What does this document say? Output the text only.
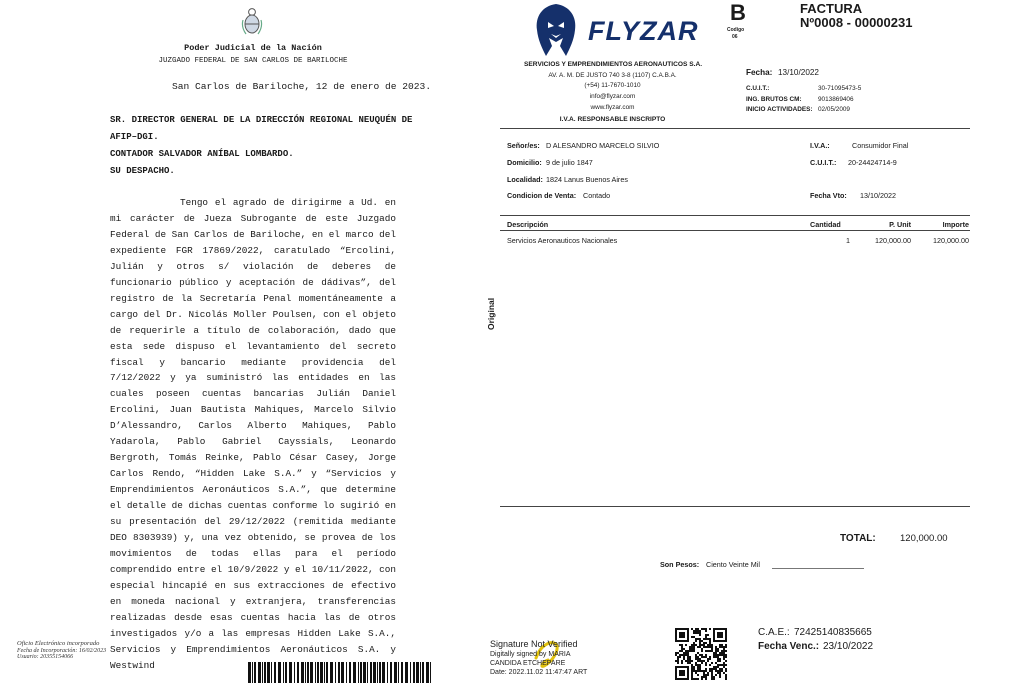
Poder Judicial de la Nación
JUZGADO FEDERAL DE SAN CARLOS DE BARILOCHE
San Carlos de Bariloche, 12 de enero de 2023.
SR. DIRECTOR GENERAL DE LA DIRECCIÓN REGIONAL NEUQUÉN DE
AFIP–DGI.
CONTADOR SALVADOR ANÍBAL LOMBARDO.
SU DESPACHO.

Tengo el agrado de dirigirme a Ud. en mi carácter de Jueza Subrogante de este Juzgado Federal de San Carlos de Bariloche, en el marco del expediente FGR 17869/2022, caratulado “Ercolini, Julián y otros s/ violación de deberes de funcionario público y aceptación de dádivas”, del registro de la Secretaría Penal momentáneamente a cargo del Dr. Nicolás Moller Poulsen, con el objeto de requerirle a título de colaboración, dado que esta sede dispuso el levantamiento del secreto fiscal y bancario mediante providencia del 7/12/2022 y ya suministró las entidades en las cuales poseen cuentas bancarias Julián Daniel Ercolini, Juan Bautista Mahiques, Marcelo Silvio D’Alessandro, Carlos Alberto Mahiques, Pablo Yadarola, Pablo Gabriel Cayssials, Leonardo Bergroth, Tomás Reinke, Pablo César Casey, Jorge Carlos Rendo, “Hidden Lake S.A.” y “Servicios y Emprendimientos Aeronáuticos S.A.”, que determine el detalle de dichas cuentas conforme lo sugirió en su presentación del 29/12/2022 (remitida mediante DEO 8303939) y, una vez obtenido, se provea de los movimientos de todas ellas para el período comprendido entre el 10/9/2022 y el 10/11/2022, con especial hincapié en sus extracciones de efectivo en moneda nacional y extranjera, transferencias realizadas desde esas cuentas hacia las de otros investigados y/o a las empresas Hidden Lake S.A., Servicios y Emprendimientos Aeronáuticos S.A. y Westwind

Oficio Electrónico incorporado
Fecha de Incorporación: 16/02/2023
Usuario: 20355154066
FLYZAR
SERVICIOS Y EMPRENDIMIENTOS AERONAUTICOS S.A.
AV. A. M. DE JUSTO 740 3-8 (1107) C.A.B.A.
(+54) 11-7670-1010
info@flyzar.com
www.flyzar.com
I.V.A. RESPONSABLE INSCRIPTO
B
Codigo
06
FACTURA
Nº0008 - 00000231
Fecha: 13/10/2022
C.U.I.T.:	30-71095473-5
ING. BRUTOS CM:	9013869406
INICIO ACTIVIDADES: 02/05/2009
Señor/es: D ALESANDRO MARCELO SILVIO
Domicilio: 9 de julio 1847
Localidad: 1824 Lanus Buenos Aires
Condicion de Venta: Contado
I.V.A.:	Consumidor Final
C.U.I.T.: 20-24424714-9
Fecha Vto: 13/10/2022
Descripción	Cantidad	P. Unit	Importe
Servicios Aeronauticos Nacionales	1	120,000.00	120,000.00
TOTAL:	120,000.00
Son Pesos: Ciento Veinte Mil
Signature Not Verified
Digitally signed by MARIA
CANDIDA ETCHEPARE
Date: 2022.11.02 11:47:47 ART
C.A.E.: 72425140835665
Fecha Venc.: 23/10/2022
Original
